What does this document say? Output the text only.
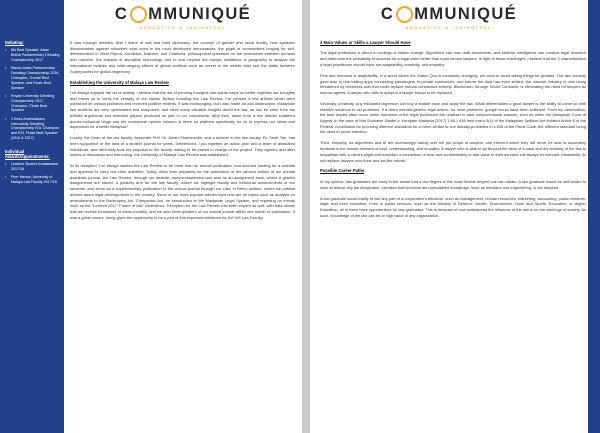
Debating:
• 6th Best Speaker, Asian British Parliamentary Debating Championship 2017
• Macau Asian Parliamentary Debating Championship 2016, Champion, Overall Best Speaker, and Finals Best Speaker
• Royale University Debating Championship 2017, Champion, Finals Best Speaker
• 2 times Australasians Intervarsity Debating Championship ESL Champion and ESL Finals Best Speaker (2016 & 2017)
Individual Awards/Appointments:
• Leaders Student Ambassador 2017/18
• Peer Mentor, University of Malaya Law Faculty 2017/18
C MMUNIQUÉ
EDUCATIVE & INSIGHTFUL

It was through debates, that I learnt of soft and hard diplomacy, the concept of gender and racial fluidity, how systemic discrimination against minorities exist even in the most developed democracies, the plight of communities longing for self-determination in West Papua, Kurdistan, Kashmir, and Catalonia, philosophical questions on the boundaries between humans and machine, the impacts of disruptive technology, and to look beyond the myopic limitations of geography to analyse the international rivalries and wide-ranging effects of global conflicts such as unrest in the middle east and the battle between Superpowers for global hegemony.

Establishing the University of Malaya Law Review

I've always enjoyed the art of writing. I believe that the act of penning thoughts into words helps us better organise our thoughts and forces us to verify the veracity of our claims. Before founding the Law Review, I've penned a few articles which were published on various platforms and received positive reviews. It was encouraging, but I also made an odd observation. Malaysian law students are very opinionated and outspoken, and have many valuable insights about the law, as can be seen from the brilliant arguments and research papers produced as part of our coursework. Why then, aside from a few articles scattered across individual blogs and the occasional opinion column, is there no platform specifically for us to express our views and aspirations for a better Malaysia?

Luckily, the Dean of the law faculty, Associate Prof. Dr Johan Shamsuddin, and a lecturer in the law faculty, Dr. Seah Tan, has been supportive of the idea of a student journal for years. Determined, I put together an action plan and a team of dedicated individuals, and nervously took my proposal to the faculty, asking to be placed in charge of the project. They agreed, and after weeks of discussion and fine-tuning, the University of Malaya Law Review was established.

At its reception, I've always wanted the Law Review to be more than an annual publication, and secured funding for a website and approval to carry out other activities. Today, other than preparing for the publication of the second edition of our annual academic journal, the Law Review, through our website, www.umlawreview.com acts as an assignment bank, where A graded assignments are stored, a publicity arm for the law faculty, where we highlight faculty and individual achievements of our students, and serve as a supplementary publication to the annual journal through our Law; in Brevo section, where we publish articles about legal developments in the country. Some of our more popular articles right now are on topics such as analysis on amendments to the Bankruptcy Act, Companies Act, an introduction to the Malaysian Legal System, and reporting on events such as the "Lextech 2017: Future of law" conference. Reception for the Law Review has been superb as well, with data shows that we receive thousands of views monthly, and we sold three-quarters of our annual journal within one month of publication. It was a great honour, being given the opportunity to be a part of this important milestone for the UM Law Faculty.

C MMUNIQUÉ
EDUCATIVE & INSIGHTFUL
3 Main Values or Skills a Lawyer Should Have

The legal profession is about to undergo a drastic change. Algorithms can now draft documents, and Artificial Intelligence can conduct legal research and determine the probability of success for a legal claim better than most human lawyers. In light of these challenges, I believe that the 3 characteristics a legal practitioner should have are adaptability, creativity, and empathy.

First and foremost is adaptability, in a world where the Status Quo is constantly changing, we need to avoid taking things for granted. The taxi industry gave way to ride-hailing apps connecting passengers to private contractors, and before the dust has even settled, the nascent industry is now being threatened by driverless cars that could replace human contractors entirely. Blockchain, through Smart Contracts, is eliminating the need for lawyers as escrow agents. A lawyer who fails to adapt is a lawyer bound to be replaced.

Secondly, creativity. Any educated layperson can buy a statute book and apply the law. What differentiates a good lawyer is the ability to come up with creative solutions to old problems. If a client needed generic legal advice, for most problems, google would have been sufficient. From my observation, the best results often occur when members of the legal profession are unafraid to take unconventional stances, such as when the Malaysian Court of Appeal, in the case of Mat Shuhaimi Shafiei v. Kerajaan Malaysia [2017] 1 MLJ 436 held that s.3(1) of the Malaysian Sedition Act violated Article 8 of the Federal Constitution for providing different standards for a crime similar to one already prohibited in s.505 of the Penal Code, the different standard being the need to prove intention.

Third, empathy. As algorithms and AI are increasingly taking over the job scope of lawyers, one element which they will never be able to accurately replicate is the human element of trust, understanding, and empathy. A lawyer who is able to go beyond the facts of a case and dry wording of the law to empathise with a client's plight and establish a connection of trust and confidentiality to add value to their services will always be relevant. Meanwhile, AI will replace lawyers who think and act like robots.

Possible Career Paths

In my opinion, law graduates are lucky in the sense that a law degree is the most flexible degree one can obtain. A law graduate would be well suited to work at almost any job imaginable, provided that technical and specialized knowledge, such as medicine and engineering, is not required.

A law graduate would easily fit into any part of a corporation's structure, such as management, human resources, marketing, accounting, public relations, legal, and even executive. Even in public services, such as the Ministry of Defence, Health, Environment, Youth and Sports, Education, or Higher Education, all of them have opportunities for law graduates. This is because of how widespread the influence of the law is on the workings of society. As such, knowledge of the law can be of high value to any organization.
